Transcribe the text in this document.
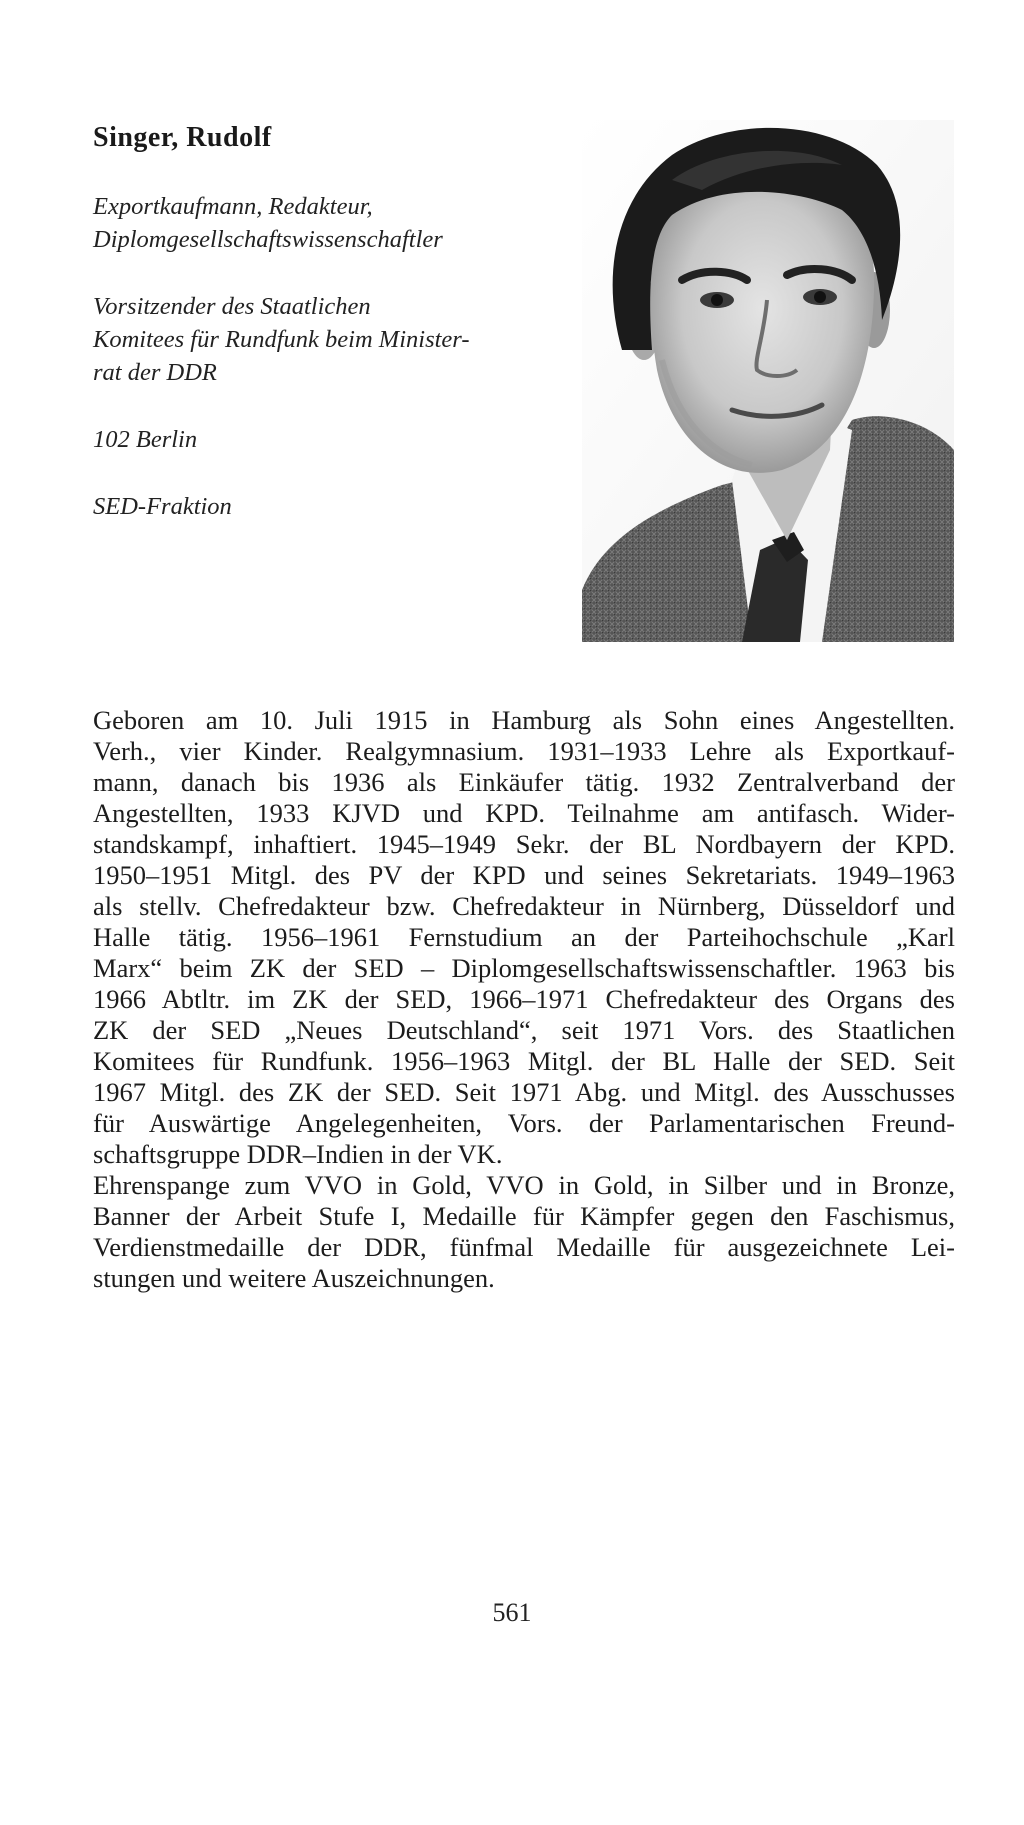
Singer, Rudolf
Exportkaufmann, Redakteur,
Diplomgesellschaftswissenschaftler
Vorsitzender des Staatlichen
Komitees für Rundfunk beim Minister-
rat der DDR
102 Berlin
SED-Fraktion
Geboren am 10. Juli 1915 in Hamburg als Sohn eines Angestellten.
Verh., vier Kinder. Realgymnasium. 1931–1933 Lehre als Exportkauf-
mann, danach bis 1936 als Einkäufer tätig. 1932 Zentralverband der
Angestellten, 1933 KJVD und KPD. Teilnahme am antifasch. Wider-
standskampf, inhaftiert. 1945–1949 Sekr. der BL Nordbayern der KPD.
1950–1951 Mitgl. des PV der KPD und seines Sekretariats. 1949–1963
als stellv. Chefredakteur bzw. Chefredakteur in Nürnberg, Düsseldorf und
Halle tätig. 1956–1961 Fernstudium an der Parteihochschule „Karl
Marx“ beim ZK der SED – Diplomgesellschaftswissenschaftler. 1963 bis
1966 Abtltr. im ZK der SED, 1966–1971 Chefredakteur des Organs des
ZK der SED „Neues Deutschland“, seit 1971 Vors. des Staatlichen
Komitees für Rundfunk. 1956–1963 Mitgl. der BL Halle der SED. Seit
1967 Mitgl. des ZK der SED. Seit 1971 Abg. und Mitgl. des Ausschusses
für Auswärtige Angelegenheiten, Vors. der Parlamentarischen Freund-
schaftsgruppe DDR–Indien in der VK.
Ehrenspange zum VVO in Gold, VVO in Gold, in Silber und in Bronze,
Banner der Arbeit Stufe I, Medaille für Kämpfer gegen den Faschismus,
Verdienstmedaille der DDR, fünfmal Medaille für ausgezeichnete Lei-
stungen und weitere Auszeichnungen.
561
